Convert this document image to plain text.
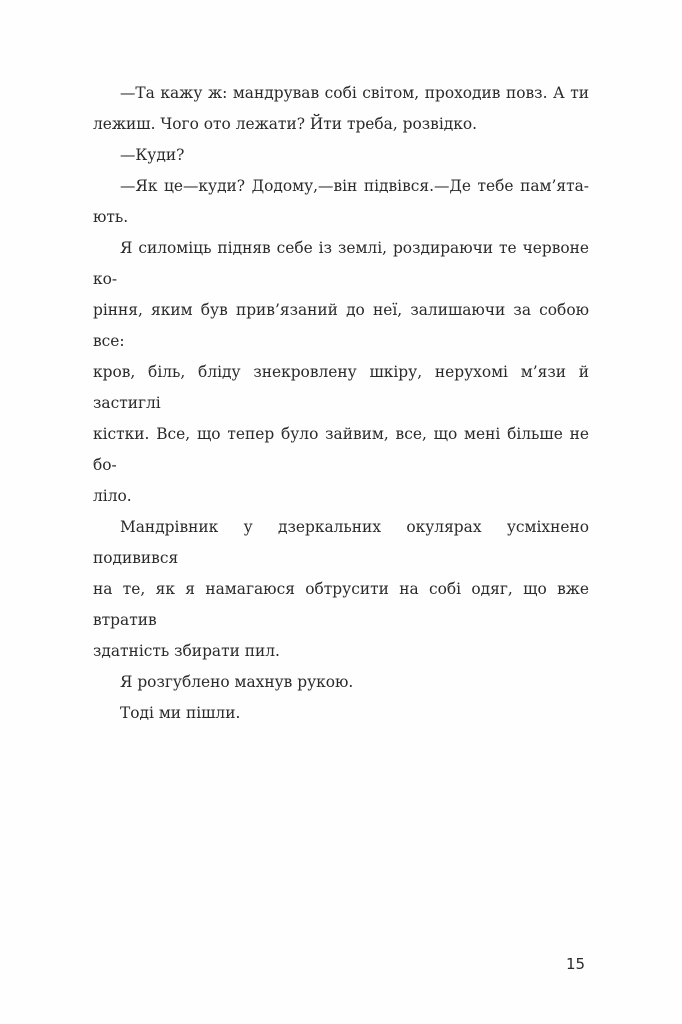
—Та кажу ж: мандрував собі світом, проходив повз. А ти
лежиш. Чого ото лежати? Йти треба, розвідко.

—Куди?

—Як це—куди? Додому,—він підвівся.—Де тебе пам’ята-
ють.

Я силоміць підняв себе із землі, роздираючи те червоне ко-
ріння, яким був прив’язаний до неї, залишаючи за собою все:
кров, біль, бліду знекровлену шкіру, нерухомі м’язи й застиглі
кістки. Все, що тепер було зайвим, все, що мені більше не бо-
ліло.

Мандрівник у дзеркальних окулярах усміхнено подивився
на те, як я намагаюся обтрусити на собі одяг, що вже втратив
здатність збирати пил.

Я розгублено махнув рукою.

Тоді ми пішли.

15
